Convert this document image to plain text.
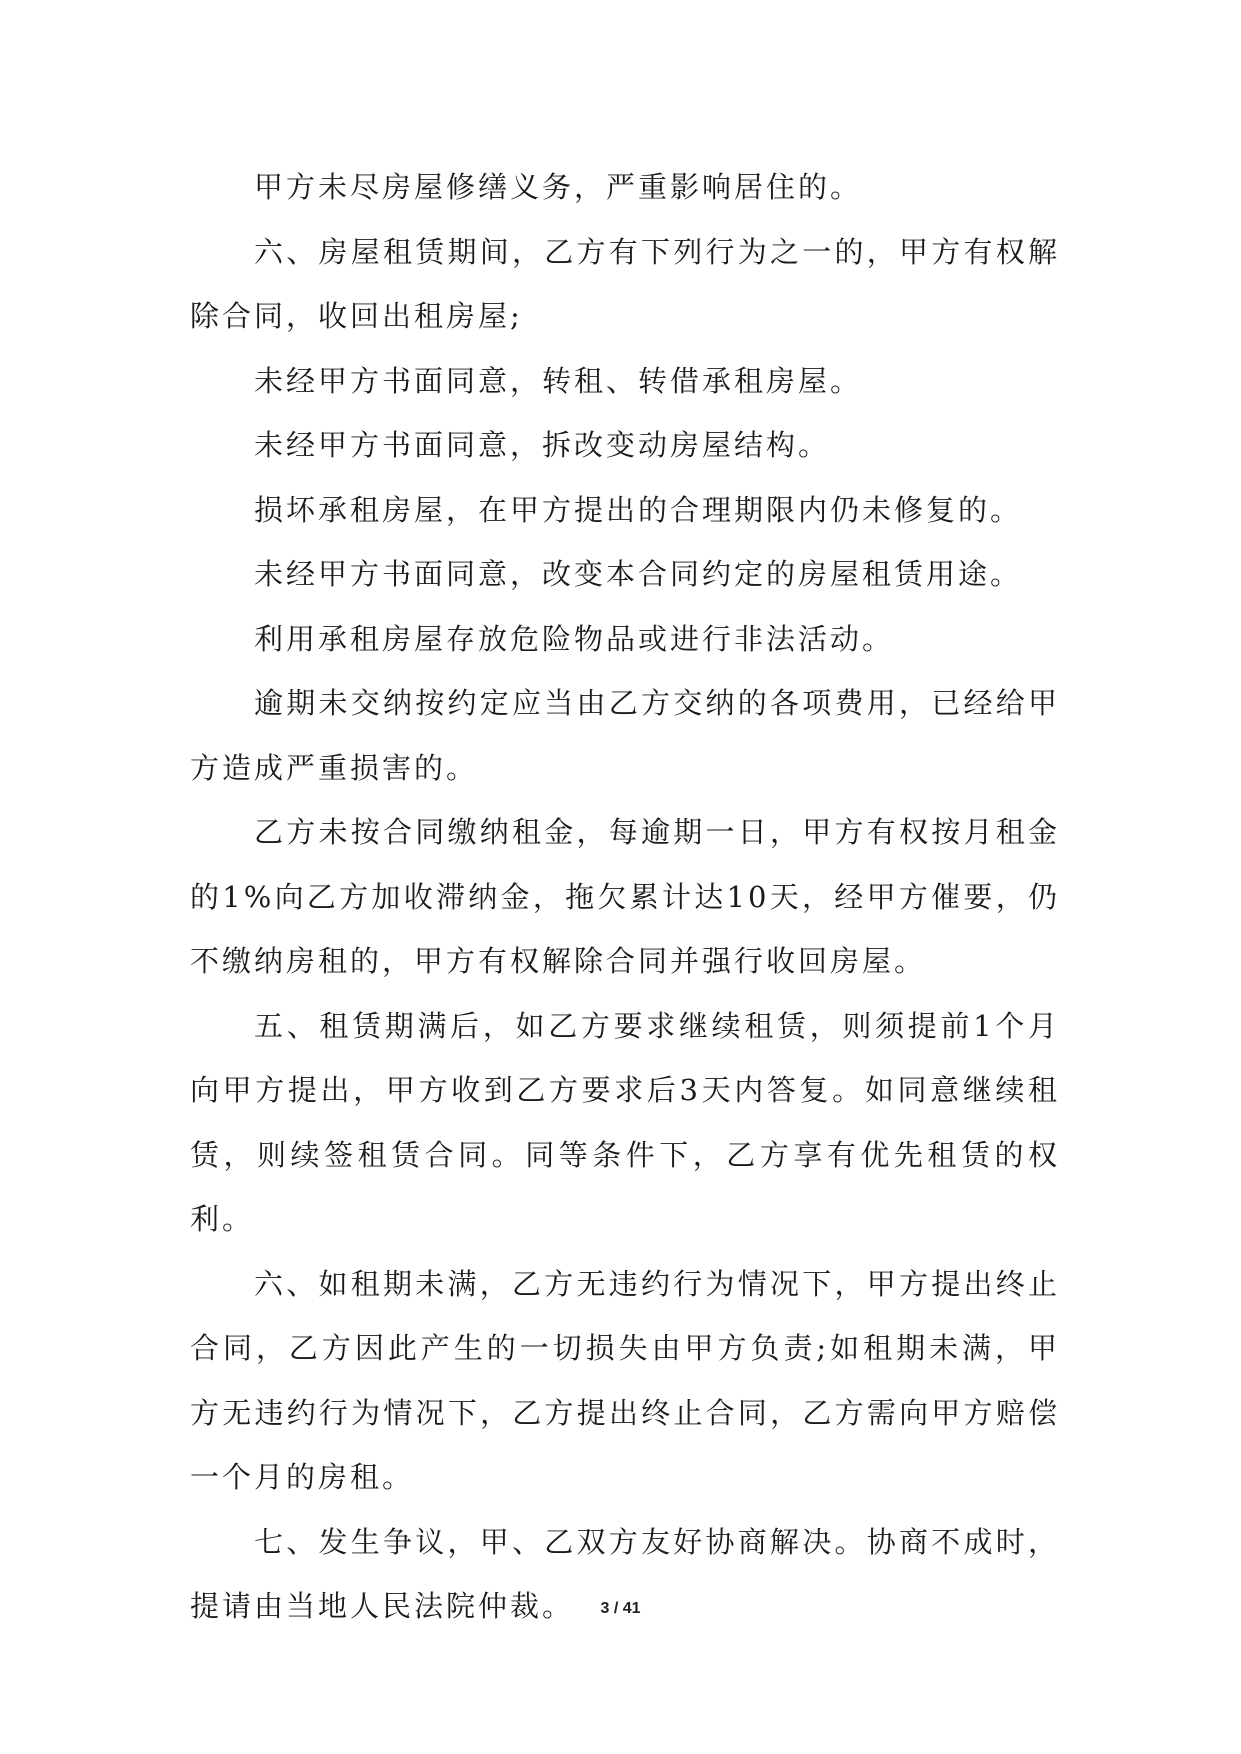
甲方未尽房屋修缮义务，严重影响居住的。

六、房屋租赁期间，乙方有下列行为之一的，甲方有权解除合同，收回出租房屋;

未经甲方书面同意，转租、转借承租房屋。

未经甲方书面同意，拆改变动房屋结构。

损坏承租房屋，在甲方提出的合理期限内仍未修复的。

未经甲方书面同意，改变本合同约定的房屋租赁用途。

利用承租房屋存放危险物品或进行非法活动。

逾期未交纳按约定应当由乙方交纳的各项费用，已经给甲方造成严重损害的。

乙方未按合同缴纳租金，每逾期一日，甲方有权按月租金的1%向乙方加收滞纳金，拖欠累计达10天，经甲方催要，仍不缴纳房租的，甲方有权解除合同并强行收回房屋。

五、租赁期满后，如乙方要求继续租赁，则须提前1个月向甲方提出，甲方收到乙方要求后3天内答复。如同意继续租赁，则续签租赁合同。同等条件下，乙方享有优先租赁的权利。

六、如租期未满，乙方无违约行为情况下，甲方提出终止合同，乙方因此产生的一切损失由甲方负责;如租期未满，甲方无违约行为情况下，乙方提出终止合同，乙方需向甲方赔偿一个月的房租。

七、发生争议，甲、乙双方友好协商解决。协商不成时，提请由当地人民法院仲裁。	3 / 41
